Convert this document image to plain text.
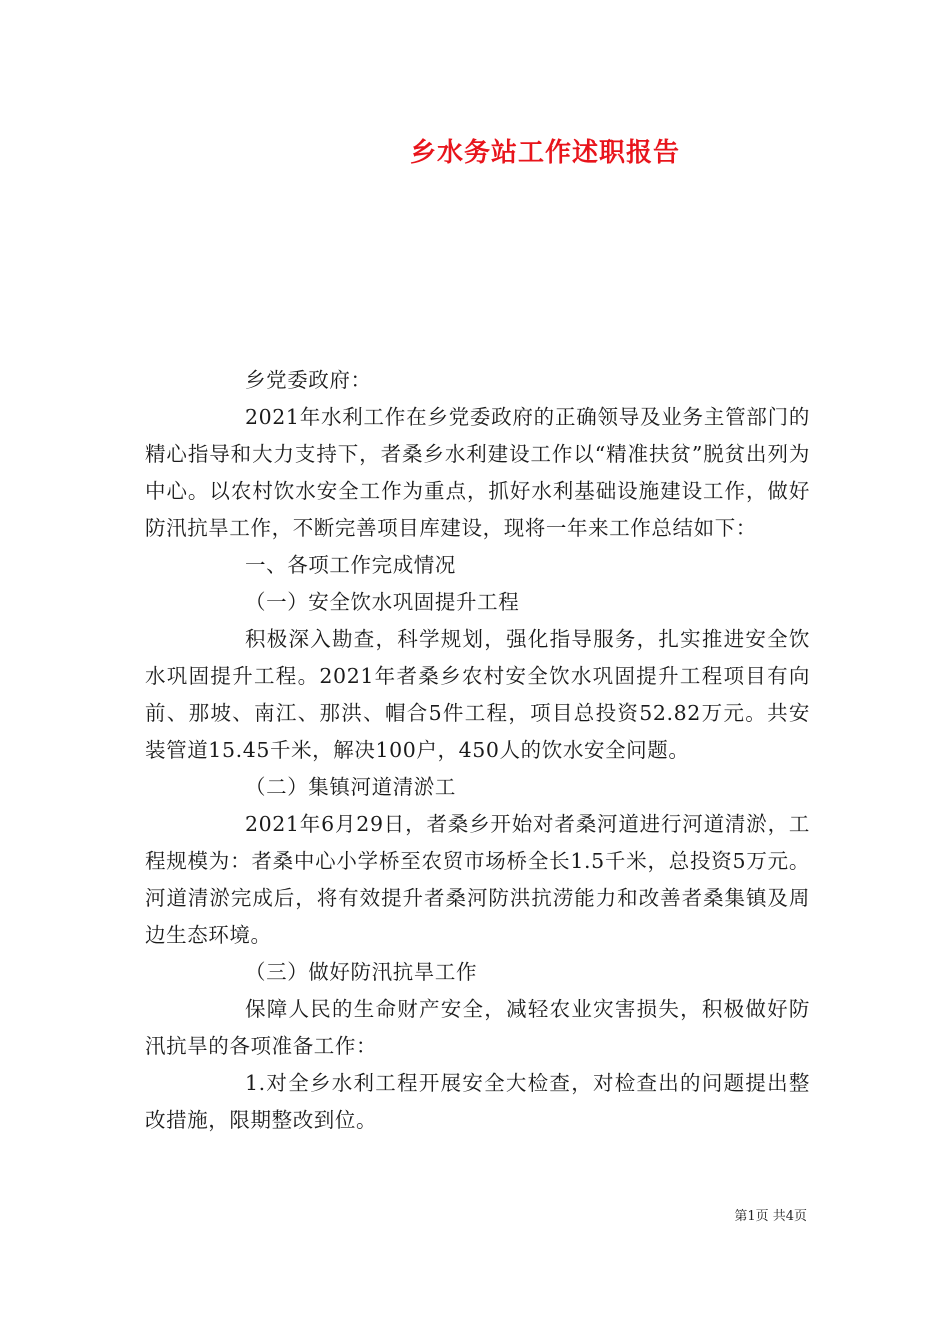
乡水务站工作述职报告

乡党委政府：

2021年水利工作在乡党委政府的正确领导及业务主管部门的精心指导和大力支持下，者桑乡水利建设工作以“精准扶贫”脱贫出列为中心。以农村饮水安全工作为重点，抓好水利基础设施建设工作，做好防汛抗旱工作，不断完善项目库建设，现将一年来工作总结如下：

一、各项工作完成情况

（一）安全饮水巩固提升工程

积极深入勘查，科学规划，强化指导服务，扎实推进安全饮水巩固提升工程。2021年者桑乡农村安全饮水巩固提升工程项目有向前、那坡、南江、那洪、帽合5件工程，项目总投资52.82万元。共安装管道15.45千米，解决100户，450人的饮水安全问题。

（二）集镇河道清淤工

2021年6月29日，者桑乡开始对者桑河道进行河道清淤，工程规模为：者桑中心小学桥至农贸市场桥全长1.5千米，总投资5万元。河道清淤完成后，将有效提升者桑河防洪抗涝能力和改善者桑集镇及周边生态环境。

（三）做好防汛抗旱工作

保障人民的生命财产安全，减轻农业灾害损失，积极做好防汛抗旱的各项准备工作：

1.对全乡水利工程开展安全大检查，对检查出的问题提出整改措施，限期整改到位。

第1页 共4页
